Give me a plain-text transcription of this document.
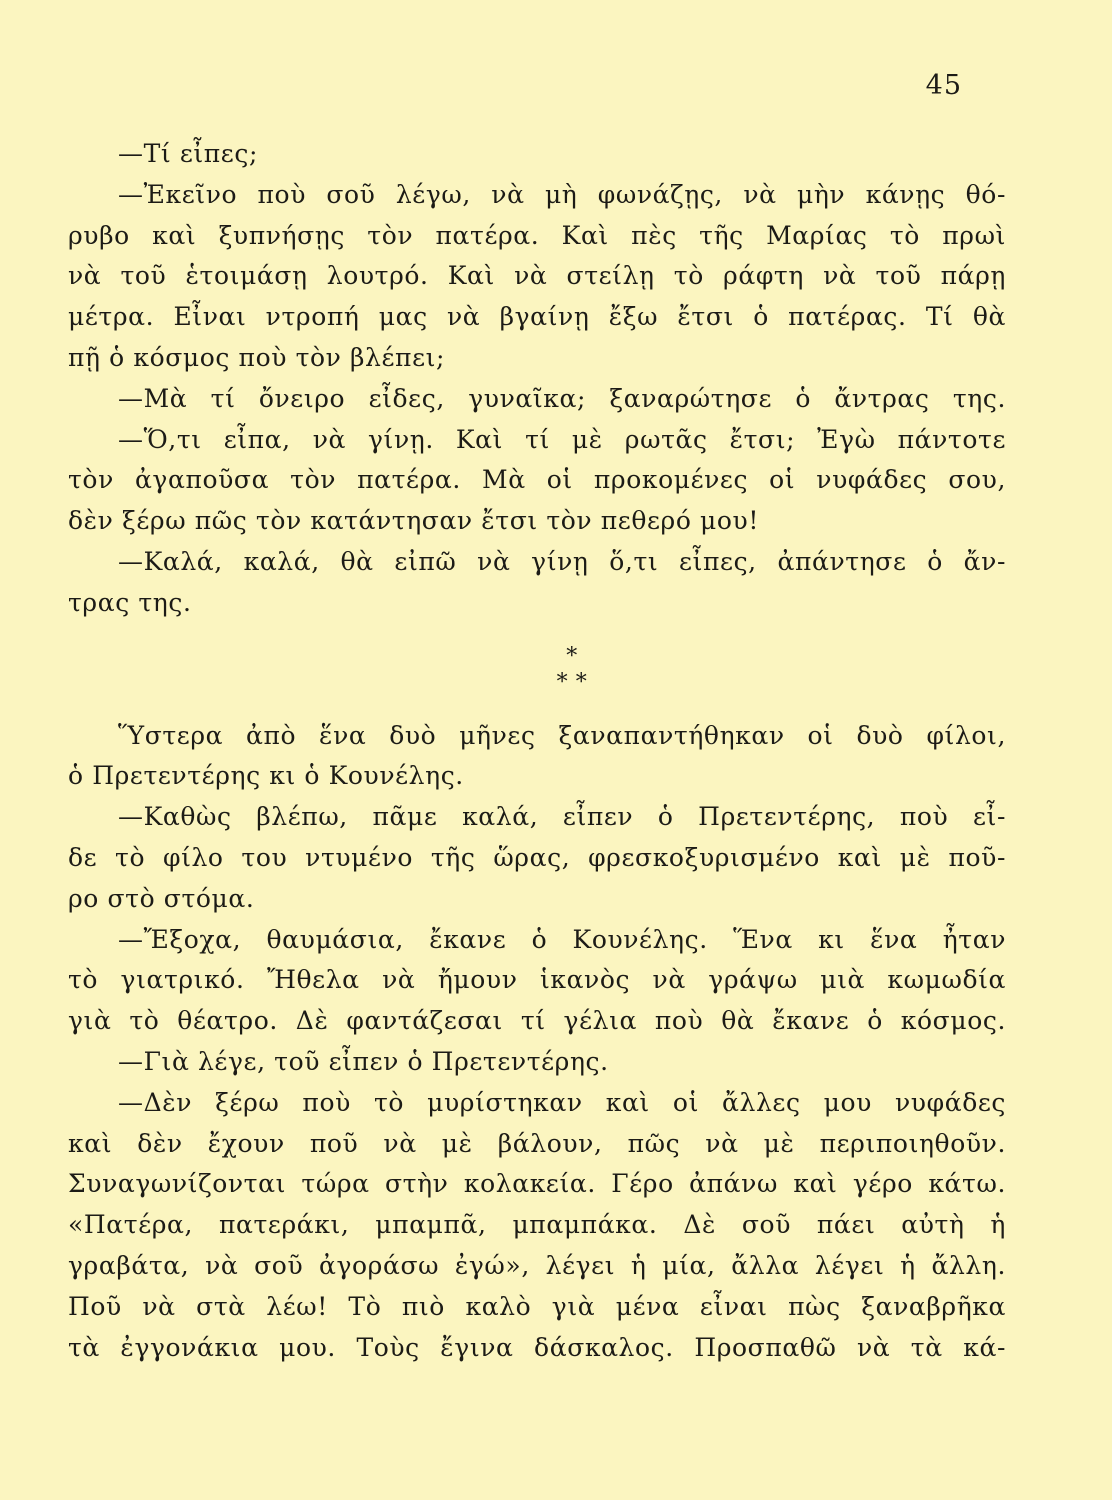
45
—Τί εἶπες;
—Ἐκεῖνο ποὺ σοῦ λέγω, νὰ μὴ φωνάζῃς, νὰ μὴν κάνῃς θό-
ρυβο καὶ ξυπνήσῃς τὸν πατέρα. Καὶ πὲς τῆς Μαρίας τὸ πρωὶ
νὰ τοῦ ἑτοιμάσῃ λουτρό. Καὶ νὰ στείλῃ τὸ ράφτη νὰ τοῦ πάρῃ
μέτρα. Εἶναι ντροπή μας νὰ βγαίνῃ ἔξω ἔτσι ὁ πατέρας. Τί θὰ
πῇ ὁ κόσμος ποὺ τὸν βλέπει;
—Μὰ τί ὄνειρο εἶδες, γυναῖκα; ξαναρώτησε ὁ ἄντρας της.
—Ὅ,τι εἶπα, νὰ γίνῃ. Καὶ τί μὲ ρωτᾶς ἔτσι; Ἐγὼ πάντοτε
τὸν ἀγαποῦσα τὸν πατέρα. Μὰ οἱ προκομένες οἱ νυφάδες σου,
δὲν ξέρω πῶς τὸν κατάντησαν ἔτσι τὸν πεθερό μου!
—Καλά, καλά, θὰ εἰπῶ νὰ γίνῃ ὅ,τι εἶπες, ἀπάντησε ὁ ἄν-
τρας της.
*
* *
Ὕστερα ἀπὸ ἕνα δυὸ μῆνες ξαναπαντήθηκαν οἱ δυὸ φίλοι,
ὁ Πρετεντέρης κι ὁ Κουνέλης.
—Καθὼς βλέπω, πᾶμε καλά, εἶπεν ὁ Πρετεντέρης, ποὺ εἶ-
δε τὸ φίλο του ντυμένο τῆς ὥρας, φρεσκοξυρισμένο καὶ μὲ ποῦ-
ρο στὸ στόμα.
—Ἔξοχα, θαυμάσια, ἔκανε ὁ Κουνέλης. Ἕνα κι ἕνα ἦταν
τὸ γιατρικό. Ἤθελα νὰ ἤμουν ἱκανὸς νὰ γράψω μιὰ κωμωδία
γιὰ τὸ θέατρο. Δὲ φαντάζεσαι τί γέλια ποὺ θὰ ἔκανε ὁ κόσμος.
—Γιὰ λέγε, τοῦ εἶπεν ὁ Πρετεντέρης.
—Δὲν ξέρω ποὺ τὸ μυρίστηκαν καὶ οἱ ἄλλες μου νυφάδες
καὶ δὲν ἔχουν ποῦ νὰ μὲ βάλουν, πῶς νὰ μὲ περιποιηθοῦν.
Συναγωνίζονται τώρα στὴν κολακεία. Γέρο ἀπάνω καὶ γέρο κάτω.
«Πατέρα, πατεράκι, μπαμπᾶ, μπαμπάκα. Δὲ σοῦ πάει αὐτὴ ἡ
γραβάτα, νὰ σοῦ ἀγοράσω ἐγώ», λέγει ἡ μία, ἄλλα λέγει ἡ ἄλλη.
Ποῦ νὰ στὰ λέω! Τὸ πιὸ καλὸ γιὰ μένα εἶναι πὼς ξαναβρῆκα
τὰ ἐγγονάκια μου. Τοὺς ἔγινα δάσκαλος. Προσπαθῶ νὰ τὰ κά-
